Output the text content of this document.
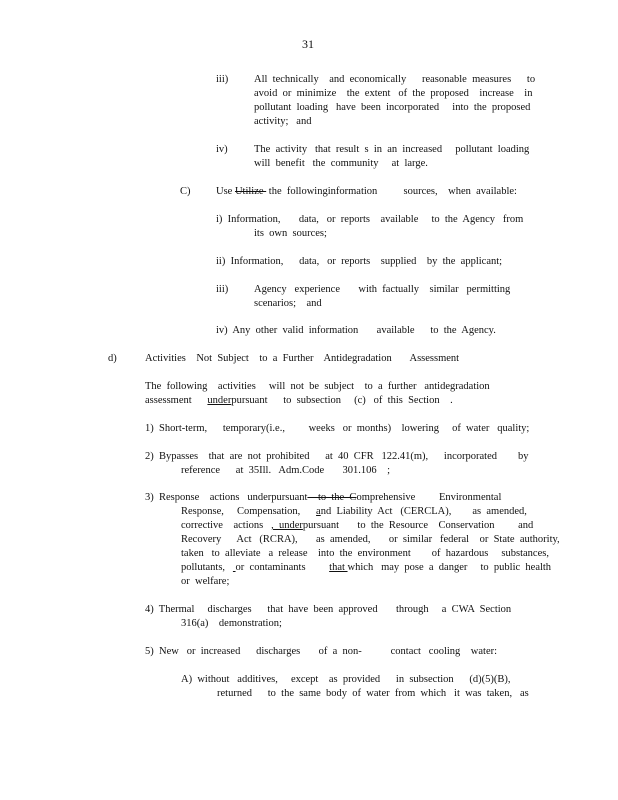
31
iii) All  technically    and  economically      reasonable  measures      to
avoid  or  minimize    the  extent   of  the  proposed    increase    in
pollutant  loading   have  been  incorporated     into  the  proposed
activity;   and
iv)	The  activity   that  result  s  in  an  increased     pollutant  loading
will  benefit   the  community     at  large.
C) Use Utilize  the  followinginformation          sources,    when  available:
i)  Information,       data,   or  reports    available     to  the  Agency   from
its  own  sources;
ii)  Information,      data,   or  reports    supplied    by  the  applicant;
iii) Agency   experience       with  factually    similar   permitting
scenarios;    and
iv)  Any  other  valid  information       available      to  the  Agency.
d)	Activities    Not  Subject    to  a  Further    Antidegradation       Assessment
The  following    activities     will  not  be  subject    to  a  further   antidegradation
assessment      underpursuant      to  subsection     (c)   of  this  Section    .
1)  Short-term,      temporary(i.e.,         weeks   or  months)    lowering     of  water   quality;
2)  Bypasses    that  are  not  prohibited      at  40  CFR   122.41(m),      incorporated        by
reference      at  35Ill.   Adm.Code       301.106    ;
3)  Response    actions   underpursuant    to  the  Comprehensive         Environmental
Response,     Compensation,      and  Liability  Act   (CERCLA),        as  amended,
corrective    actions   ,  underpursuant       to  the  Resource    Conservation         and
Recovery      Act   (RCRA),       as  amended,       or  similar   federal    or  State  authority,
taken   to  alleviate   a  release    into  the  environment        of  hazardous     substances,
pollutants,    or  contaminants         that which   may  pose  a  danger     to  public  health
or  welfare;
4)  Thermal     discharges      that  have  been  approved       through     a  CWA  Section
316(a)    demonstration;
5)  New   or  increased      discharges       of  a  non-           contact   cooling    water:
A)  without   additives,     except    as  provided      in  subsection      (d)(5)(B),
returned      to  the  same  body  of  water  from  which   it  was  taken,   as
